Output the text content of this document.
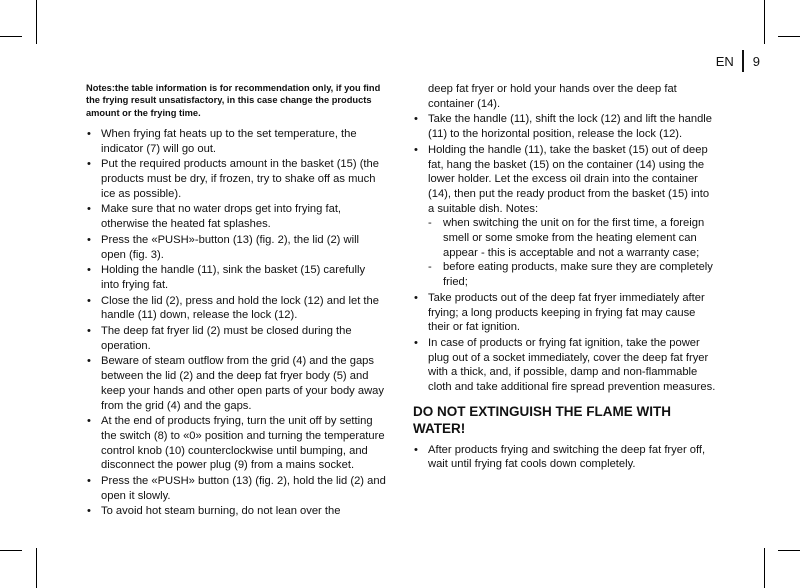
EN 9

Notes:the table information is for recommendation only, if you find the frying result unsatisfactory, in this case change the products amount or the frying time.

• When frying fat heats up to the set temperature, the indicator (7) will go out.
• Put the required products amount in the basket (15) (the products must be dry, if frozen, try to shake off as much ice as possible).
• Make sure that no water drops get into frying fat, otherwise the heated fat splashes.
• Press the «PUSH»-button (13) (fig. 2), the lid (2) will open (fig. 3).
• Holding the handle (11), sink the basket (15) carefully into frying fat.
• Close the lid (2), press and hold the lock (12) and let the handle (11) down, release the lock (12).
• The deep fat fryer lid (2) must be closed during the operation.
• Beware of steam outflow from the grid (4) and the gaps between the lid (2) and the deep fat fryer body (5) and keep your hands and other open parts of your body away from the grid (4) and the gaps.
• At the end of products frying, turn the unit off by setting the switch (8) to «0» position and turning the temperature control knob (10) counterclockwise until bumping, and disconnect the power plug (9) from a mains socket.
• Press the «PUSH» button (13) (fig. 2), hold the lid (2) and open it slowly.
• To avoid hot steam burning, do not lean over the
deep fat fryer or hold your hands over the deep fat container (14).
• Take the handle (11), shift the lock (12) and lift the handle (11) to the horizontal position, release the lock (12).
• Holding the handle (11), take the basket (15) out of deep fat, hang the basket (15) on the container (14) using the lower holder. Let the excess oil drain into the container (14), then put the ready product from the basket (15) into a suitable dish. Notes:
- when switching the unit on for the first time, a foreign smell or some smoke from the heating element can appear - this is acceptable and not a warranty case;
- before eating products, make sure they are completely fried;
• Take products out of the deep fat fryer immediately after frying; a long products keeping in frying fat may cause their or fat ignition.
• In case of products or frying fat ignition, take the power plug out of a socket immediately, cover the deep fat fryer with a thick, and, if possible, damp and non-flammable cloth and take additional fire spread prevention measures.
DO NOT EXTINGUISH THE FLAME WITH WATER!
• After products frying and switching the deep fat fryer off, wait until frying fat cools down completely.
